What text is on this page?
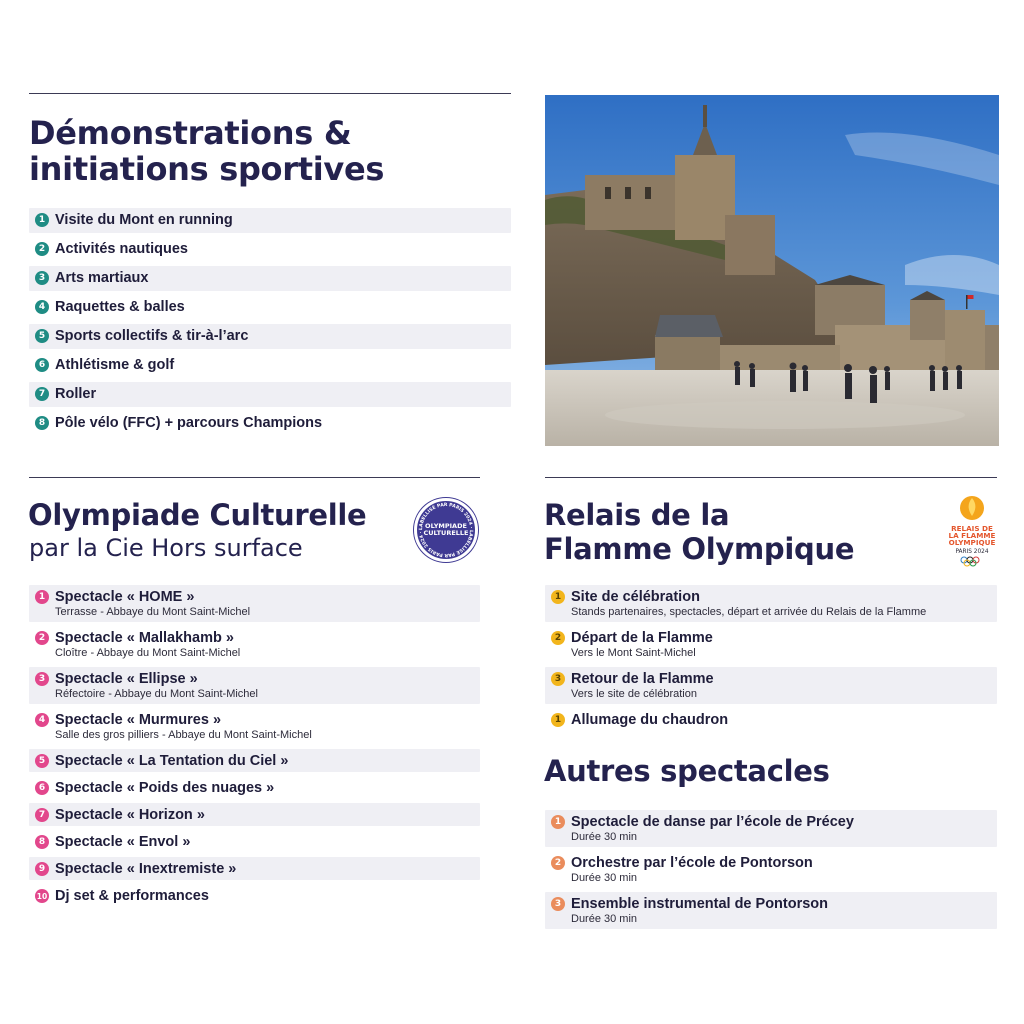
Démonstrations &
initiations sportives
1 Visite du Mont en running
2 Activités nautiques
3 Arts martiaux
4 Raquettes & balles
5 Sports collectifs & tir-à-l’arc
6 Athlétisme & golf
7 Roller
8 Pôle vélo (FFC) + parcours Champions
Olympiade Culturelle
par la Cie Hors surface
LABELLISÉ PAR PARIS 2024 · LABELLISÉ PAR PARIS 2024 ·
OLYMPIADE
CULTURELLE
1 Spectacle « HOME »
Terrasse - Abbaye du Mont Saint-Michel
2 Spectacle « Mallakhamb »
Cloître - Abbaye du Mont Saint-Michel
3 Spectacle « Ellipse »
Réfectoire - Abbaye du Mont Saint-Michel
4 Spectacle « Murmures »
Salle des gros pilliers - Abbaye du Mont Saint-Michel
5 Spectacle « La Tentation du Ciel »
6 Spectacle « Poids des nuages »
7 Spectacle « Horizon »
8 Spectacle « Envol »
9 Spectacle « Inextremiste »
10 Dj set & performances
Relais de la
Flamme Olympique
RELAIS DE
LA FLAMME
OLYMPIQUE
PARIS 2024
1 Site de célébration
Stands partenaires, spectacles, départ et arrivée du Relais de la Flamme
2 Départ de la Flamme
Vers le Mont Saint-Michel
3 Retour de la Flamme
Vers le site de célébration
1 Allumage du chaudron
Autres spectacles
1 Spectacle de danse par l’école de Précey
Durée 30 min
2 Orchestre par l’école de Pontorson
Durée 30 min
3 Ensemble instrumental de Pontorson
Durée 30 min
